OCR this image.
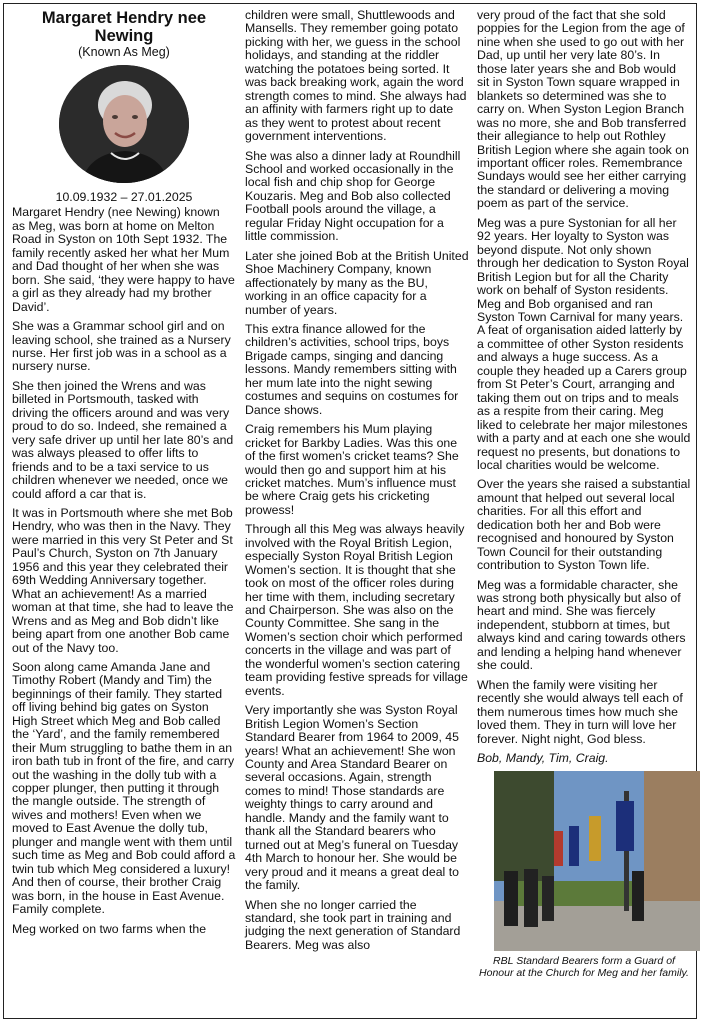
Margaret Hendry nee Newing
(Known As Meg)
10.09.1932 – 27.01.2025

Margaret Hendry (nee Newing) known as Meg, was born at home on Melton Road in Syston on 10th Sept 1932. The family recently asked her what her Mum and Dad thought of her when she was born. She said, ‘they were happy to have a girl as they already had my brother David’.

She was a Grammar school girl and on leaving school, she trained as a Nursery nurse. Her first job was in a school as a nursery nurse.

She then joined the Wrens and was billeted in Portsmouth, tasked with driving the officers around and was very proud to do so. Indeed, she remained a very safe driver up until her late 80’s and was always pleased to offer lifts to friends and to be a taxi service to us children whenever we needed, once we could afford a car that is.

It was in Portsmouth where she met Bob Hendry, who was then in the Navy. They were married in this very St Peter and St Paul’s Church, Syston on 7th January 1956 and this year they celebrated their 69th Wedding Anniversary together. What an achievement! As a married woman at that time, she had to leave the Wrens and as Meg and Bob didn’t like being apart from one another Bob came out of the Navy too.

Soon along came Amanda Jane and Timothy Robert (Mandy and Tim) the beginnings of their family. They started off living behind big gates on Syston High Street which Meg and Bob called the ‘Yard’, and the family remembered their Mum struggling to bathe them in an iron bath tub in front of the fire, and carry out the washing in the dolly tub with a copper plunger, then putting it through the mangle outside. The strength of wives and mothers! Even when we moved to East Avenue the dolly tub, plunger and mangle went with them until such time as Meg and Bob could afford a twin tub which Meg considered a luxury! And then of course, their brother Craig was born, in the house in East Avenue. Family complete.

Meg worked on two farms when the

children were small, Shuttlewoods and Mansells. They remember going potato picking with her, we guess in the school holidays, and standing at the riddler watching the potatoes being sorted. It was back breaking work, again the word strength comes to mind. She always had an affinity with farmers right up to date as they went to protest about recent government interventions.

She was also a dinner lady at Roundhill School and worked occasionally in the local fish and chip shop for George Kouzaris. Meg and Bob also collected Football pools around the village, a regular Friday Night occupation for a little commission.

Later she joined Bob at the British United Shoe Machinery Company, known affectionately by many as the BU, working in an office capacity for a number of years.

This extra finance allowed for the children’s activities, school trips, boys Brigade camps, singing and dancing lessons. Mandy remembers sitting with her mum late into the night sewing costumes and sequins on costumes for Dance shows.

Craig remembers his Mum playing cricket for Barkby Ladies. Was this one of the first women’s cricket teams? She would then go and support him at his cricket matches. Mum’s influence must be where Craig gets his cricketing prowess!

Through all this Meg was always heavily involved with the Royal British Legion, especially Syston Royal British Legion Women’s section. It is thought that she took on most of the officer roles during her time with them, including secretary and Chairperson. She was also on the County Committee. She sang in the Women’s section choir which performed concerts in the village and was part of the wonderful women’s section catering team providing festive spreads for village events.

Very importantly she was Syston Royal British Legion Women’s Section Standard Bearer from 1964 to 2009, 45 years! What an achievement! She won County and Area Standard Bearer on several occasions. Again, strength comes to mind! Those standards are weighty things to carry around and handle. Mandy and the family want to thank all the Standard bearers who turned out at Meg’s funeral on Tuesday 4th March to honour her. She would be very proud and it means a great deal to the family.

When she no longer carried the standard, she took part in training and judging the next generation of Standard Bearers. Meg was also

very proud of the fact that she sold poppies for the Legion from the age of nine when she used to go out with her Dad, up until her very late 80’s. In those later years she and Bob would sit in Syston Town square wrapped in blankets so determined was she to carry on. When Syston Legion Branch was no more, she and Bob transferred their allegiance to help out Rothley British Legion where she again took on important officer roles. Remembrance Sundays would see her either carrying the standard or delivering a moving poem as part of the service.

Meg was a pure Systonian for all her 92 years. Her loyalty to Syston was beyond dispute. Not only shown through her dedication to Syston Royal British Legion but for all the Charity work on behalf of Syston residents. Meg and Bob organised and ran Syston Town Carnival for many years. A feat of organisation aided latterly by a committee of other Syston residents and always a huge success. As a couple they headed up a Carers group from St Peter’s Court, arranging and taking them out on trips and to meals as a respite from their caring. Meg liked to celebrate her major milestones with a party and at each one she would request no presents, but donations to local charities would be welcome.

Over the years she raised a substantial amount that helped out several local charities. For all this effort and dedication both her and Bob were recognised and honoured by Syston Town Council for their outstanding contribution to Syston Town life.

Meg was a formidable character, she was strong both physically but also of heart and mind. She was fiercely independent, stubborn at times, but always kind and caring towards others and lending a helping hand whenever she could.

When the family were visiting her recently she would always tell each of them numerous times how much she loved them. They in turn will love her forever. Night night, God bless.

Bob, Mandy, Tim, Craig.

RBL Standard Bearers form a Guard of Honour at the Church for Meg and her family.
